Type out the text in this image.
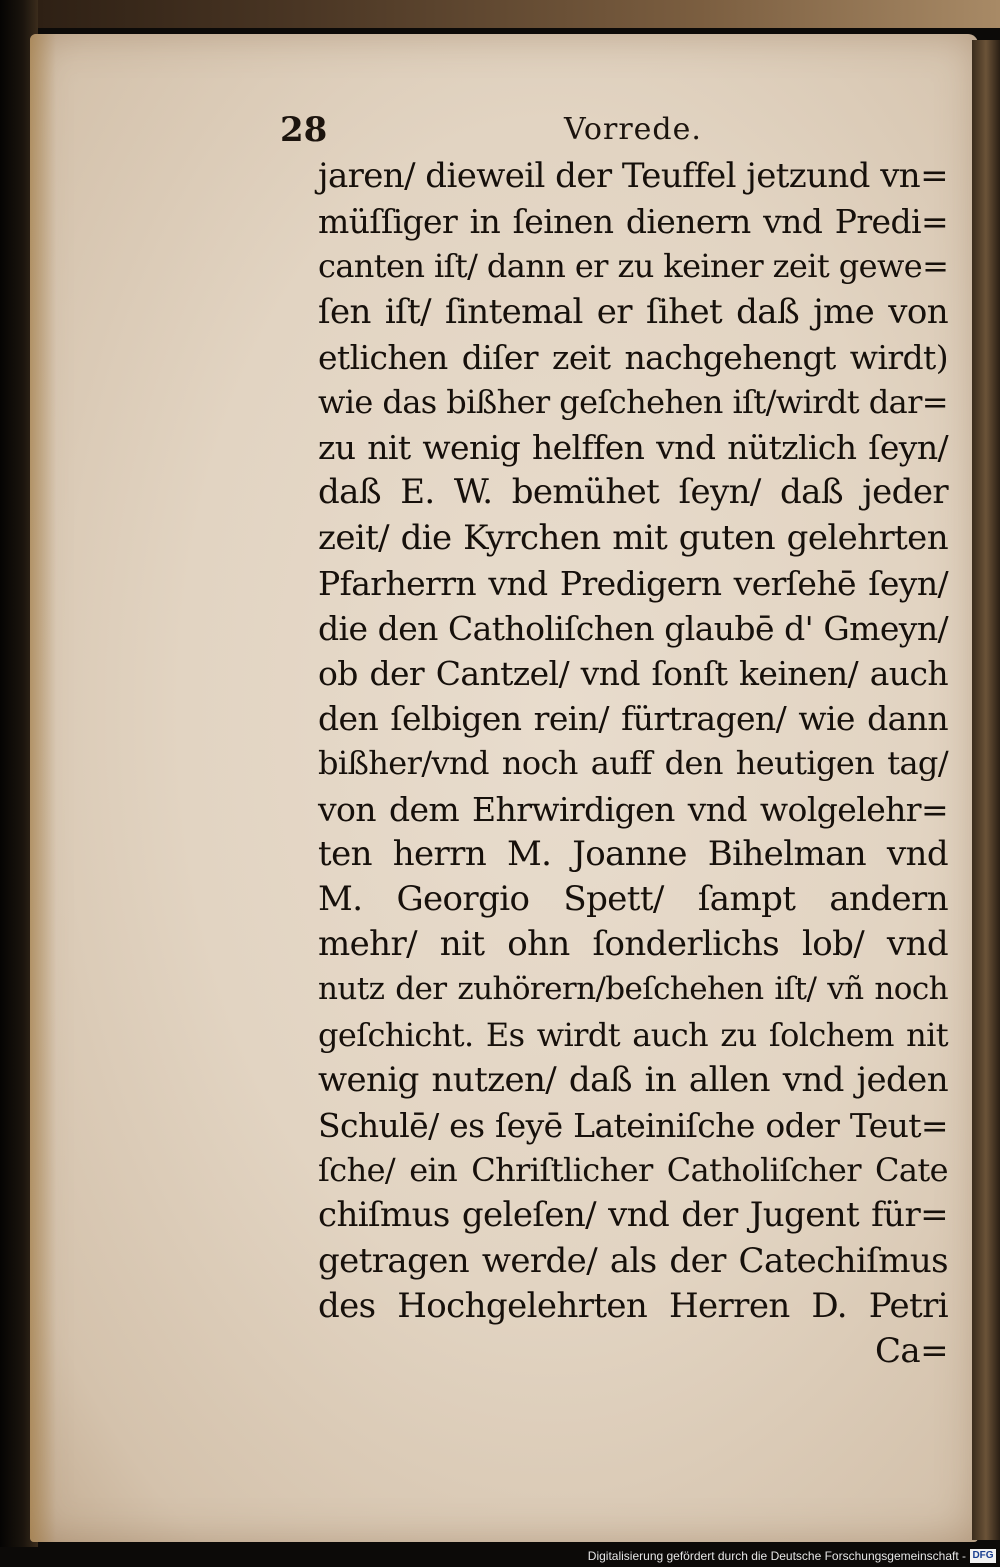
28	Vorrede.
jaren/ dieweil der Teuffel jetzund vn=
müſſiger in ſeinen dienern vnd Predi=
canten iſt/ dann er zu keiner zeit gewe=
ſen iſt/ ſintemal er ſihet daß jme von
etlichen diſer zeit nachgehengt wirdt)
wie das bißher geſchehen iſt/wirdt dar=
zu nit wenig helffen vnd nützlich ſeyn/
daß E. W. bemühet ſeyn/ daß jeder
zeit/ die Kyrchen mit guten gelehrten
Pfarherrn vnd Predigern verſehē ſeyn/
die den Catholiſchen glaubē d' Gmeyn/
ob der Cantzel/ vnd ſonſt keinen/ auch
den ſelbigen rein/ fürtragen/ wie dann
bißher/vnd noch auff den heutigen tag/
von dem Ehrwirdigen vnd wolgelehr=
ten herrn M. Joanne Bihelman vnd
M. Georgio Spett/ ſampt andern
mehr/ nit ohn ſonderlichs lob/ vnd
nutz der zuhörern/beſchehen iſt/ vñ noch
geſchicht. Es wirdt auch zu ſolchem nit
wenig nutzen/ daß in allen vnd jeden
Schulē/ es ſeyē Lateiniſche oder Teut=
ſche/ ein Chriſtlicher Catholiſcher Cate
chiſmus geleſen/ vnd der Jugent für=
getragen werde/ als der Catechiſmus
des Hochgelehrten Herren D. Petri
Ca=
Digitalisierung gefördert durch die Deutsche Forschungsgemeinschaft - DFG
